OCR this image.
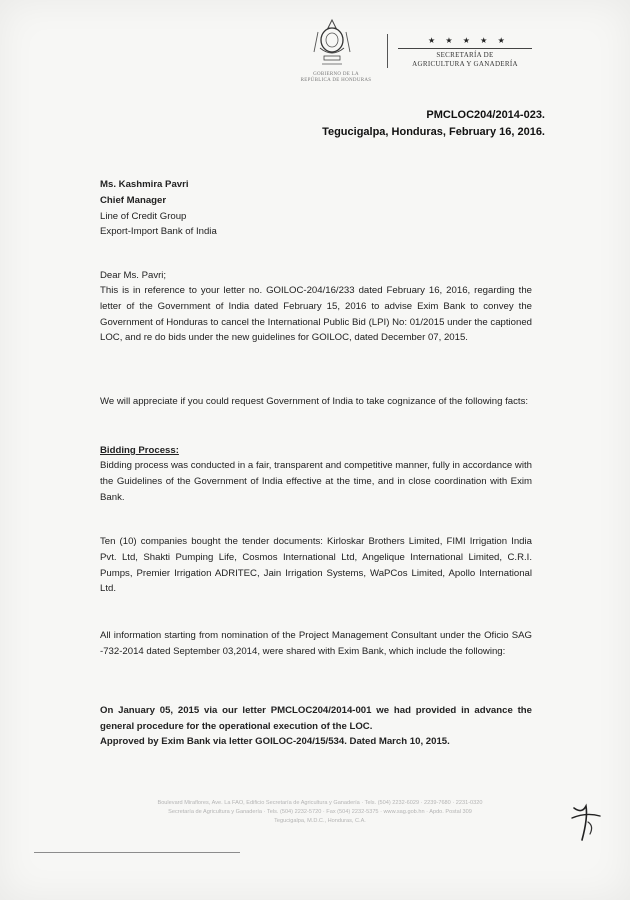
GOBIERNO DE LA
REPÚBLICA DE HONDURAS
★ ★ ★ ★ ★
SECRETARÍA DE
AGRICULTURA Y GANADERÍA
PMCLOC204/2014-023.
Tegucigalpa, Honduras, February 16, 2016.
Ms. Kashmira Pavri
Chief Manager
Line of Credit Group
Export-Import Bank of India

Dear Ms. Pavri;

This is in reference to your letter no. GOILOC-204/16/233 dated February 16, 2016, regarding the letter of the Government of India dated February 15, 2016 to advise Exim Bank to convey the Government of Honduras to cancel the International Public Bid (LPI) No: 01/2015 under the captioned LOC, and re do bids under the new guidelines for GOILOC, dated December 07, 2015.

We will appreciate if you could request Government of India to take cognizance of the following facts:

Bidding Process:

Bidding process was conducted in a fair, transparent and competitive manner, fully in accordance with the Guidelines of the Government of India effective at the time, and in close coordination with Exim Bank.

Ten (10) companies bought the tender documents: Kirloskar Brothers Limited, FIMI Irrigation India Pvt. Ltd, Shakti Pumping Life, Cosmos International Ltd, Angelique International Limited, C.R.I. Pumps, Premier Irrigation ADRITEC, Jain Irrigation Systems, WaPCos Limited, Apollo International Ltd.

All information starting from nomination of the Project Management Consultant under the Oficio SAG -732-2014 dated September 03,2014, were shared with Exim Bank, which include the following:

On January 05, 2015 via our letter PMCLOC204/2014-001 we had provided in advance the general procedure for the operational execution of the LOC.

Approved by Exim Bank via letter GOILOC-204/15/534. Dated March 10, 2015.

Boulevard Miraflores, Ave. La FAO, Edificio Secretaría de Agricultura y Ganadería · Tels. (504) 2232-6029 · 2239-7680 · 2231-0320
Secretaría de Agricultura y Ganadería · Tels. (504) 2232-5720 · Fax (504) 2232-5375 · www.sag.gob.hn · Apdo. Postal 309
Tegucigalpa, M.D.C., Honduras, C.A.
